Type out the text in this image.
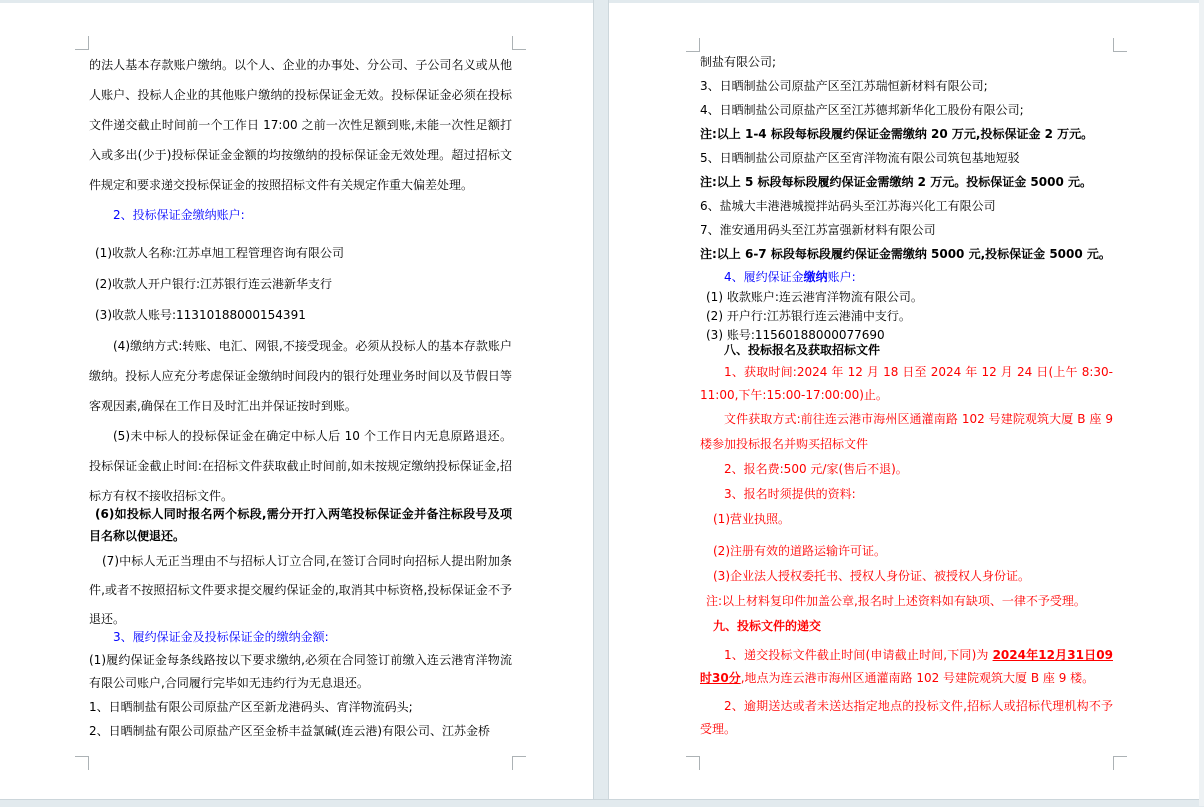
的法人基本存款账户缴纳。以个人、企业的办事处、分公司、子公司名义或从他人账户、投标人企业的其他账户缴纳的投标保证金无效。投标保证金必须在投标文件递交截止时间前一个工作日 17:00 之前一次性足额到账,未能一次性足额打入或多出(少于)投标保证金金额的均按缴纳的投标保证金无效处理。超过招标文件规定和要求递交投标保证金的按照招标文件有关规定作重大偏差处理。

2、投标保证金缴纳账户:

(1)收款人名称:江苏卓旭工程管理咨询有限公司

(2)收款人开户银行:江苏银行连云港新华支行

(3)收款人账号:11310188000154391

(4)缴纳方式:转账、电汇、网银,不接受现金。必须从投标人的基本存款账户缴纳。投标人应充分考虑保证金缴纳时间段内的银行处理业务时间以及节假日等客观因素,确保在工作日及时汇出并保证按时到账。

(5)未中标人的投标保证金在确定中标人后 10 个工作日内无息原路退还。投标保证金截止时间:在招标文件获取截止时间前,如未按规定缴纳投标保证金,招标方有权不接收招标文件。

(6)如投标人同时报名两个标段,需分开打入两笔投标保证金并备注标段号及项目名称以便退还。

(7)中标人无正当理由不与招标人订立合同,在签订合同时向招标人提出附加条件,或者不按照招标文件要求提交履约保证金的,取消其中标资格,投标保证金不予退还。

3、履约保证金及投标保证金的缴纳金额:

(1)履约保证金每条线路按以下要求缴纳,必须在合同签订前缴入连云港宵洋物流有限公司账户,合同履行完毕如无违约行为无息退还。

1、日晒制盐有限公司原盐产区至新龙港码头、宵洋物流码头;

2、日晒制盐有限公司原盐产区至金桥丰益氯碱(连云港)有限公司、江苏金桥

制盐有限公司;

3、日晒制盐公司原盐产区至江苏瑞恒新材料有限公司;

4、日晒制盐公司原盐产区至江苏德邦新华化工股份有限公司;

注:以上 1-4 标段每标段履约保证金需缴纳 20 万元,投标保证金 2 万元。

5、日晒制盐公司原盐产区至宵洋物流有限公司筑包基地短驳

注:以上 5 标段每标段履约保证金需缴纳 2 万元。投标保证金 5000 元。

6、盐城大丰港港城搅拌站码头至江苏海兴化工有限公司

7、淮安通用码头至江苏富强新材料有限公司

注:以上 6-7 标段每标段履约保证金需缴纳 5000 元,投标保证金 5000 元。

4、履约保证金缴纳账户:

(1) 收款账户:连云港宵洋物流有限公司。

(2) 开户行:江苏银行连云港浦中支行。

(3) 账号:11560188000077690

八、投标报名及获取招标文件

1、获取时间:2024 年 12 月 18 日至 2024 年 12 月 24 日(上午 8:30-11:00,下午:15:00-17:00:00)止。

文件获取方式:前往连云港市海州区通灌南路 102 号建院观筑大厦 B 座 9 楼参加投标报名并购买招标文件

2、报名费:500 元/家(售后不退)。

3、报名时须提供的资料:

(1)营业执照。

(2)注册有效的道路运输许可证。

(3)企业法人授权委托书、授权人身份证、被授权人身份证。

注:以上材料复印件加盖公章,报名时上述资料如有缺项、一律不予受理。

九、投标文件的递交

1、递交投标文件截止时间(申请截止时间,下同)为 2024年12月31日09时30分,地点为连云港市海州区通灌南路 102 号建院观筑大厦 B 座 9 楼。

2、逾期送达或者未送达指定地点的投标文件,招标人或招标代理机构不予受理。
